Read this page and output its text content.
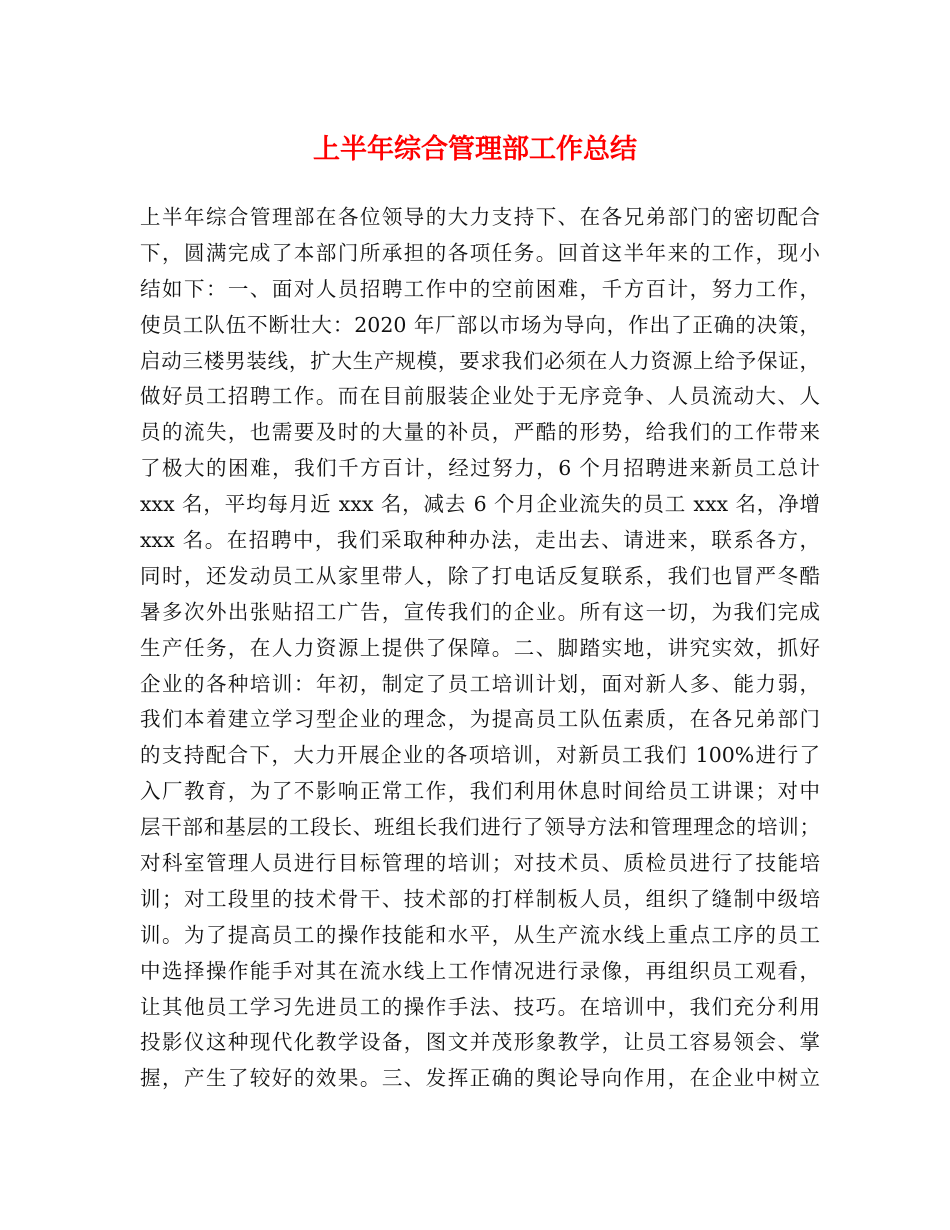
上半年综合管理部工作总结
上半年综合管理部在各位领导的大力支持下、在各兄弟部门的密切配合
下，圆满完成了本部门所承担的各项任务。回首这半年来的工作，现小
结如下：一、面对人员招聘工作中的空前困难，千方百计，努力工作，
使员工队伍不断壮大：2020 年厂部以市场为导向，作出了正确的决策，
启动三楼男装线，扩大生产规模，要求我们必须在人力资源上给予保证，
做好员工招聘工作。而在目前服装企业处于无序竞争、人员流动大、人
员的流失，也需要及时的大量的补员，严酷的形势，给我们的工作带来
了极大的困难，我们千方百计，经过努力，6 个月招聘进来新员工总计
xxx 名，平均每月近 xxx 名，减去 6 个月企业流失的员工 xxx 名，净增
xxx 名。在招聘中，我们采取种种办法，走出去、请进来，联系各方，
同时，还发动员工从家里带人，除了打电话反复联系，我们也冒严冬酷
暑多次外出张贴招工广告，宣传我们的企业。所有这一切，为我们完成
生产任务，在人力资源上提供了保障。二、脚踏实地，讲究实效，抓好
企业的各种培训：年初，制定了员工培训计划，面对新人多、能力弱，
我们本着建立学习型企业的理念，为提高员工队伍素质，在各兄弟部门
的支持配合下，大力开展企业的各项培训，对新员工我们 100%进行了
入厂教育，为了不影响正常工作，我们利用休息时间给员工讲课；对中
层干部和基层的工段长、班组长我们进行了领导方法和管理理念的培训；
对科室管理人员进行目标管理的培训；对技术员、质检员进行了技能培
训；对工段里的技术骨干、技术部的打样制板人员，组织了缝制中级培
训。为了提高员工的操作技能和水平，从生产流水线上重点工序的员工
中选择操作能手对其在流水线上工作情况进行录像，再组织员工观看，
让其他员工学习先进员工的操作手法、技巧。在培训中，我们充分利用
投影仪这种现代化教学设备，图文并茂形象教学，让员工容易领会、掌
握，产生了较好的效果。三、发挥正确的舆论导向作用，在企业中树立
